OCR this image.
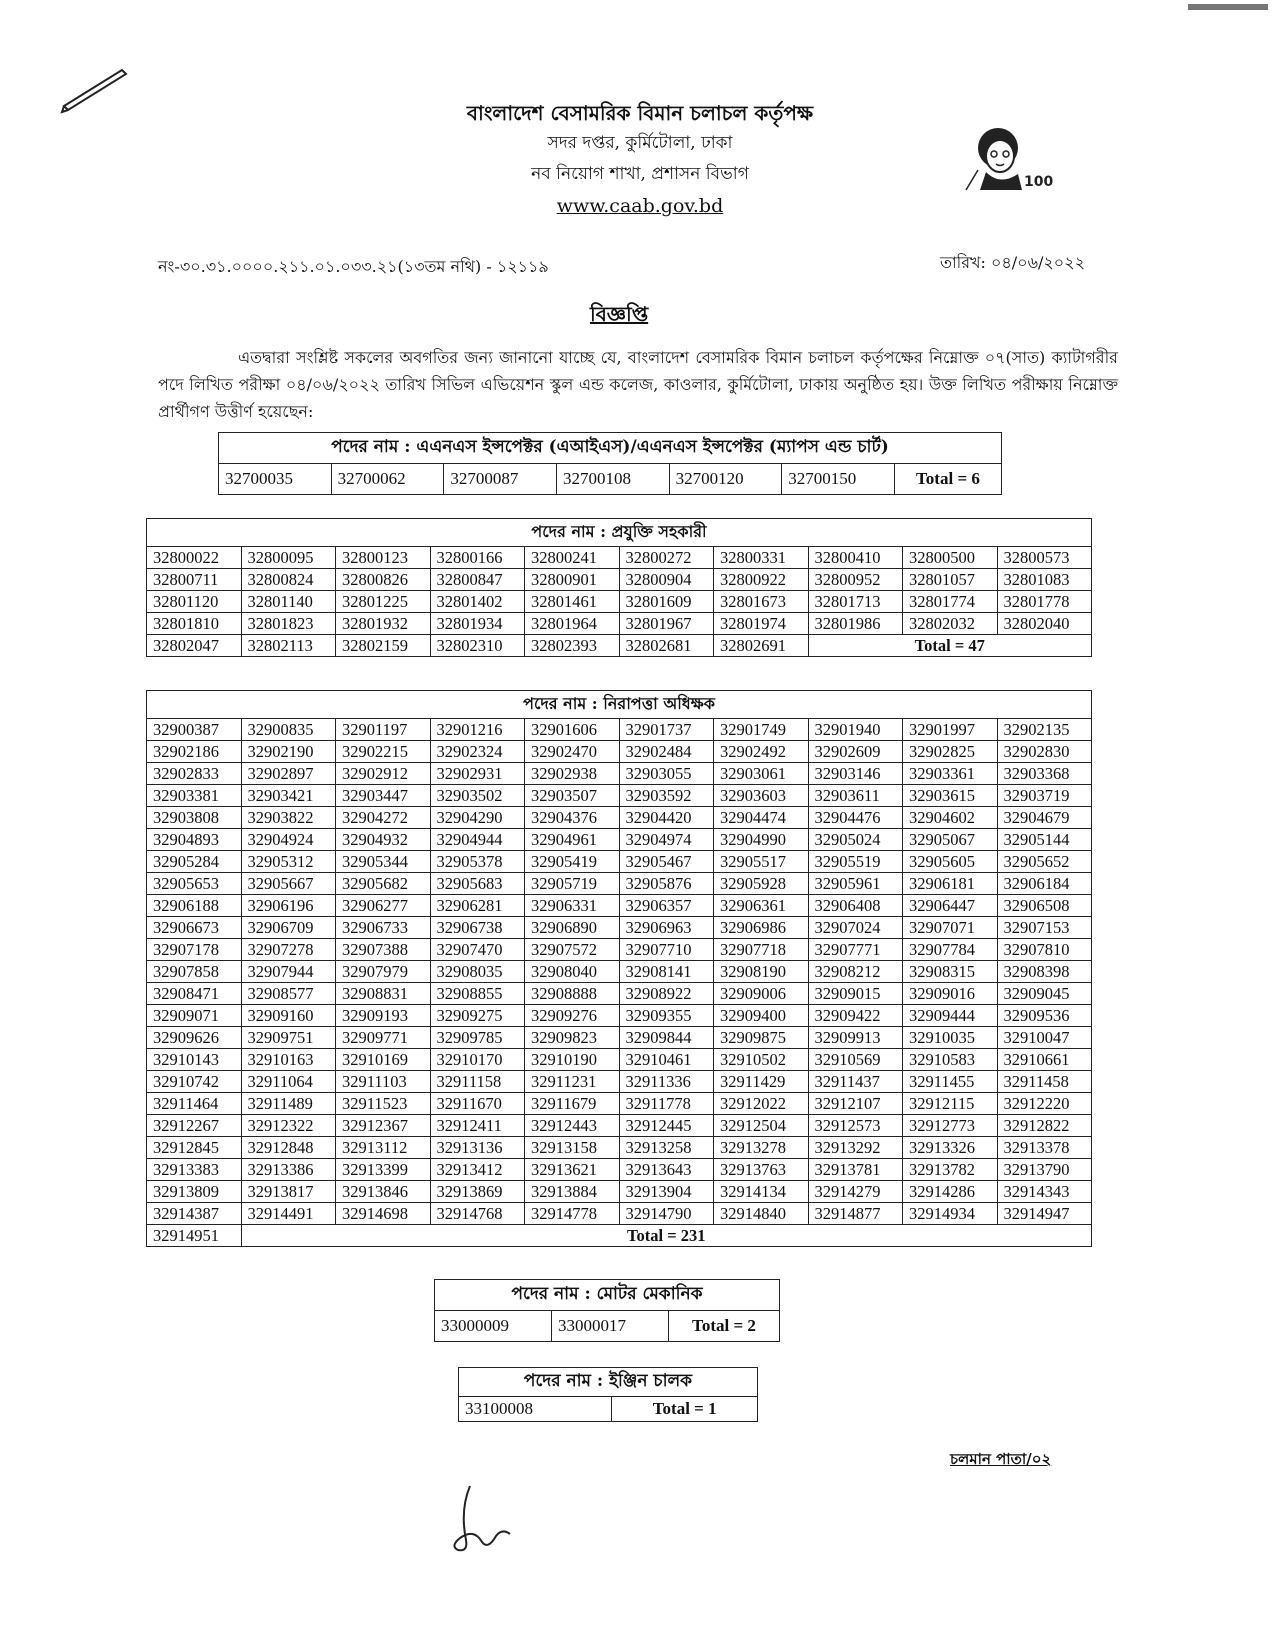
বাংলাদেশ বেসামরিক বিমান চলাচল কর্তৃপক্ষ
সদর দপ্তর, কুর্মিটোলা, ঢাকা
নব নিয়োগ শাখা, প্রশাসন বিভাগ
www.caab.gov.bd
100
নং-৩০.৩১.০০০০.২১১.০১.০৩৩.২১(১৩তম নথি) - ১২১১৯	তারিখ: ০৪/০৬/২০২২
বিজ্ঞপ্তি

এতদ্বারা সংশ্লিষ্ট সকলের অবগতির জন্য জানানো যাচ্ছে যে, বাংলাদেশ বেসামরিক বিমান চলাচল কর্তৃপক্ষের নিম্নোক্ত ০৭(সাত) ক্যাটাগরীর পদে লিখিত পরীক্ষা ০৪/০৬/২০২২ তারিখ সিভিল এভিয়েশন স্কুল এন্ড কলেজ, কাওলার, কুর্মিটোলা, ঢাকায় অনুষ্ঠিত হয়। উক্ত লিখিত পরীক্ষায় নিম্নোক্ত প্রার্থীগণ উত্তীর্ণ হয়েছেন:

পদের নাম : এএনএস ইন্সপেক্টর (এআইএস)/এএনএস ইন্সপেক্টর (ম্যাপস এন্ড চার্ট)
32700035	32700062	32700087	32700108	32700120	32700150	Total = 6
পদের নাম : প্রযুক্তি সহকারী									
32800022	32800095	32800123	32800166	32800241	32800272	32800331	32800410	32800500	32800573
32800711	32800824	32800826	32800847	32800901	32800904	32800922	32800952	32801057	32801083
32801120	32801140	32801225	32801402	32801461	32801609	32801673	32801713	32801774	32801778
32801810	32801823	32801932	32801934	32801964	32801967	32801974	32801986	32802032	32802040
32802047	32802113	32802159	32802310	32802393	32802681	32802691	Total = 47		
পদের নাম : নিরাপত্তা অধিক্ষক									
32900387	32900835	32901197	32901216	32901606	32901737	32901749	32901940	32901997	32902135
32902186	32902190	32902215	32902324	32902470	32902484	32902492	32902609	32902825	32902830
32902833	32902897	32902912	32902931	32902938	32903055	32903061	32903146	32903361	32903368
32903381	32903421	32903447	32903502	32903507	32903592	32903603	32903611	32903615	32903719
32903808	32903822	32904272	32904290	32904376	32904420	32904474	32904476	32904602	32904679
32904893	32904924	32904932	32904944	32904961	32904974	32904990	32905024	32905067	32905144
32905284	32905312	32905344	32905378	32905419	32905467	32905517	32905519	32905605	32905652
32905653	32905667	32905682	32905683	32905719	32905876	32905928	32905961	32906181	32906184
32906188	32906196	32906277	32906281	32906331	32906357	32906361	32906408	32906447	32906508
32906673	32906709	32906733	32906738	32906890	32906963	32906986	32907024	32907071	32907153
32907178	32907278	32907388	32907470	32907572	32907710	32907718	32907771	32907784	32907810
32907858	32907944	32907979	32908035	32908040	32908141	32908190	32908212	32908315	32908398
32908471	32908577	32908831	32908855	32908888	32908922	32909006	32909015	32909016	32909045
32909071	32909160	32909193	32909275	32909276	32909355	32909400	32909422	32909444	32909536
32909626	32909751	32909771	32909785	32909823	32909844	32909875	32909913	32910035	32910047
32910143	32910163	32910169	32910170	32910190	32910461	32910502	32910569	32910583	32910661
32910742	32911064	32911103	32911158	32911231	32911336	32911429	32911437	32911455	32911458
32911464	32911489	32911523	32911670	32911679	32911778	32912022	32912107	32912115	32912220
32912267	32912322	32912367	32912411	32912443	32912445	32912504	32912573	32912773	32912822
32912845	32912848	32913112	32913136	32913158	32913258	32913278	32913292	32913326	32913378
32913383	32913386	32913399	32913412	32913621	32913643	32913763	32913781	32913782	32913790
32913809	32913817	32913846	32913869	32913884	32913904	32914134	32914279	32914286	32914343
32914387	32914491	32914698	32914768	32914778	32914790	32914840	32914877	32914934	32914947
32914951	Total = 231								
পদের নাম : মোটর মেকানিক
33000009	33000017	Total = 2
পদের নাম : ইঞ্জিন চালক
33100008	Total = 1
চলমান পাতা/০২
